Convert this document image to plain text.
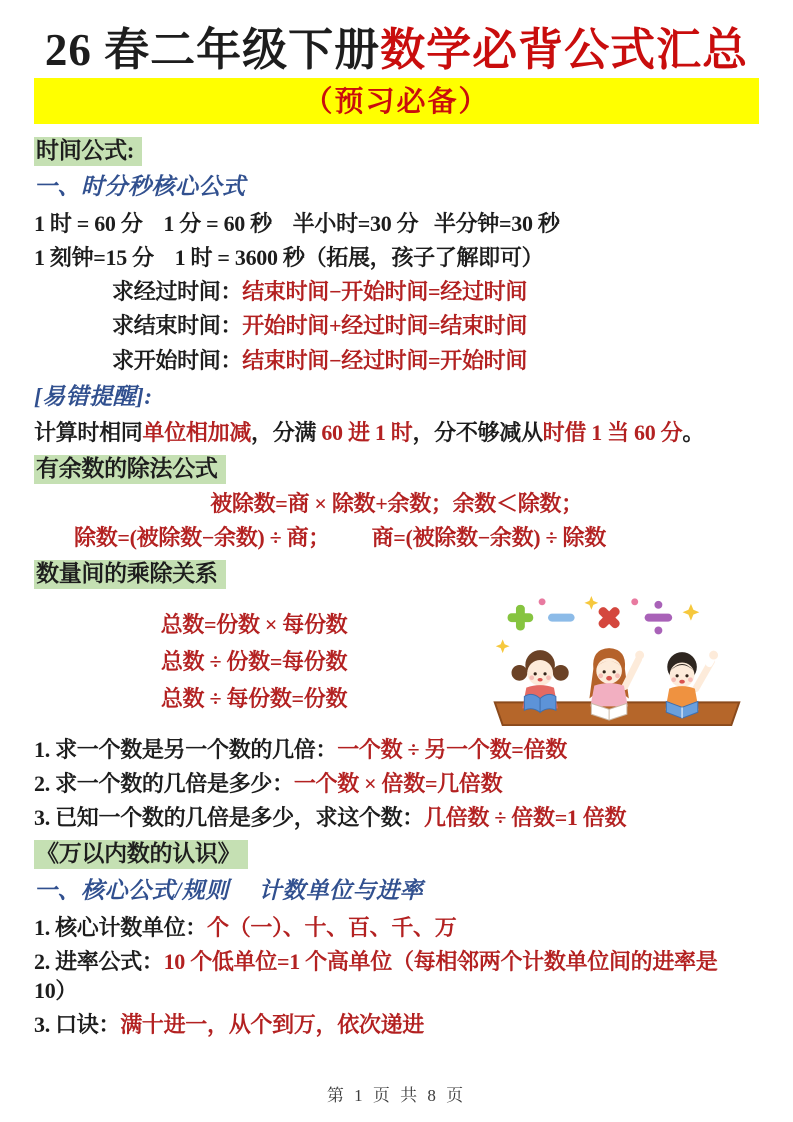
26 春二年级下册数学必背公式汇总
（预习必备）
时间公式:
一、时分秒核心公式
1 时 = 60 分    1 分 = 60 秒    半小时=30 分   半分钟=30 秒
1 刻钟=15 分    1 时 = 3600 秒（拓展，孩子了解即可）
求经过时间：结束时间−开始时间=经过时间
求结束时间：开始时间+经过时间=结束时间
求开始时间：结束时间−经过时间=开始时间
[易错提醒]:
计算时相同单位相加减，分满 60 进 1 时，分不够减从时借 1 当 60 分。
有余数的除法公式
被除数=商 × 除数+余数；余数＜除数；
除数=(被除数−余数) ÷ 商； 商=(被除数−余数) ÷ 除数
数量间的乘除关系
总数=份数 × 每份数
总数 ÷ 份数=每份数
总数 ÷ 每份数=份数
1. 求一个数是另一个数的几倍：一个数 ÷ 另一个数=倍数
2. 求一个数的几倍是多少：一个数 × 倍数=几倍数
3. 已知一个数的几倍是多少，求这个数：几倍数 ÷ 倍数=1 倍数
《万以内数的认识》
一、核心公式/规则　 计数单位与进率
1. 核心计数单位：个（一）、十、百、千、万
2. 进率公式：10 个低单位=1 个高单位（每相邻两个计数单位间的进率是 10）
3. 口诀：满十进一，从个到万，依次递进
第 1 页 共 8 页
